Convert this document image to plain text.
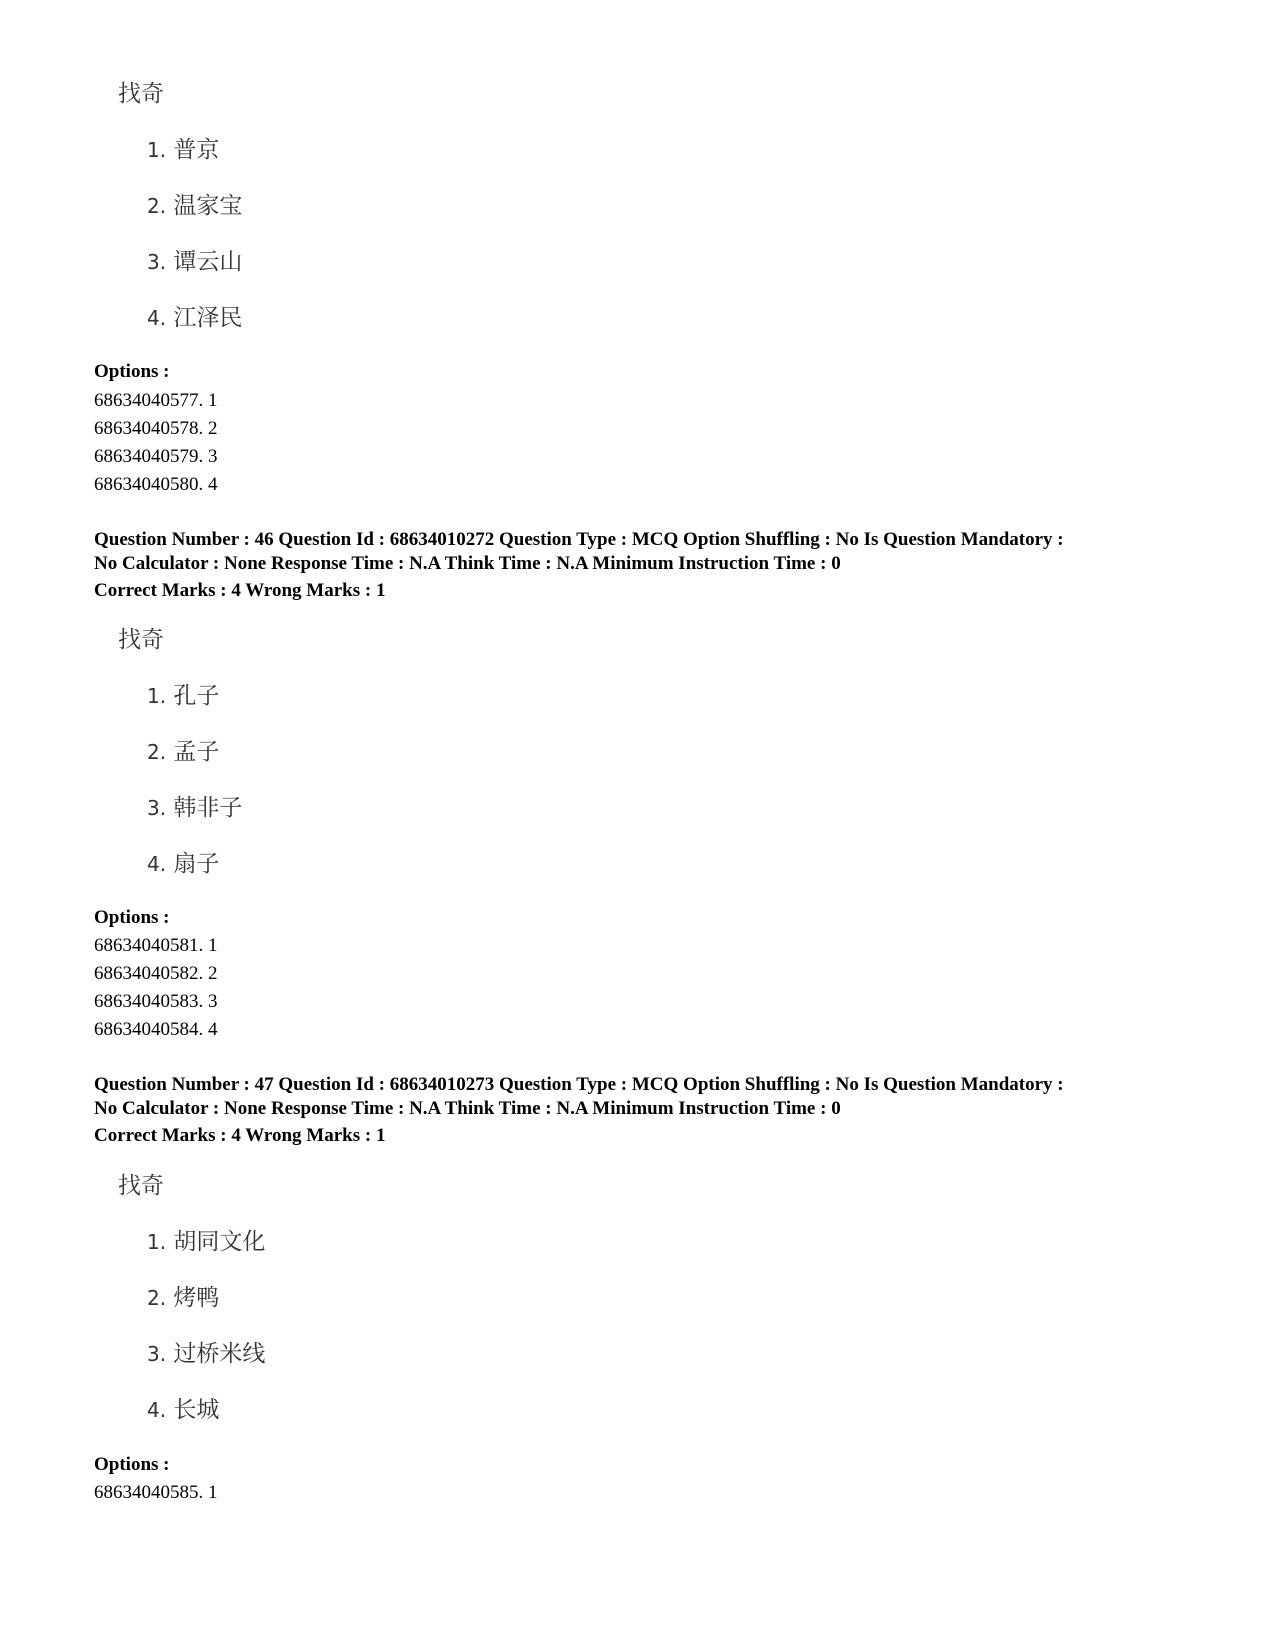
找奇
1. 普京
2. 温家宝
3. 谭云山
4. 江泽民
Options :
68634040577. 1
68634040578. 2
68634040579. 3
68634040580. 4
Question Number : 46 Question Id : 68634010272 Question Type : MCQ Option Shuffling : No Is Question Mandatory :
No Calculator : None Response Time : N.A Think Time : N.A Minimum Instruction Time : 0
Correct Marks : 4 Wrong Marks : 1
找奇
1. 孔子
2. 孟子
3. 韩非子
4. 扇子
Options :
68634040581. 1
68634040582. 2
68634040583. 3
68634040584. 4
Question Number : 47 Question Id : 68634010273 Question Type : MCQ Option Shuffling : No Is Question Mandatory :
No Calculator : None Response Time : N.A Think Time : N.A Minimum Instruction Time : 0
Correct Marks : 4 Wrong Marks : 1
找奇
1. 胡同文化
2. 烤鸭
3. 过桥米线
4. 长城
Options :
68634040585. 1
